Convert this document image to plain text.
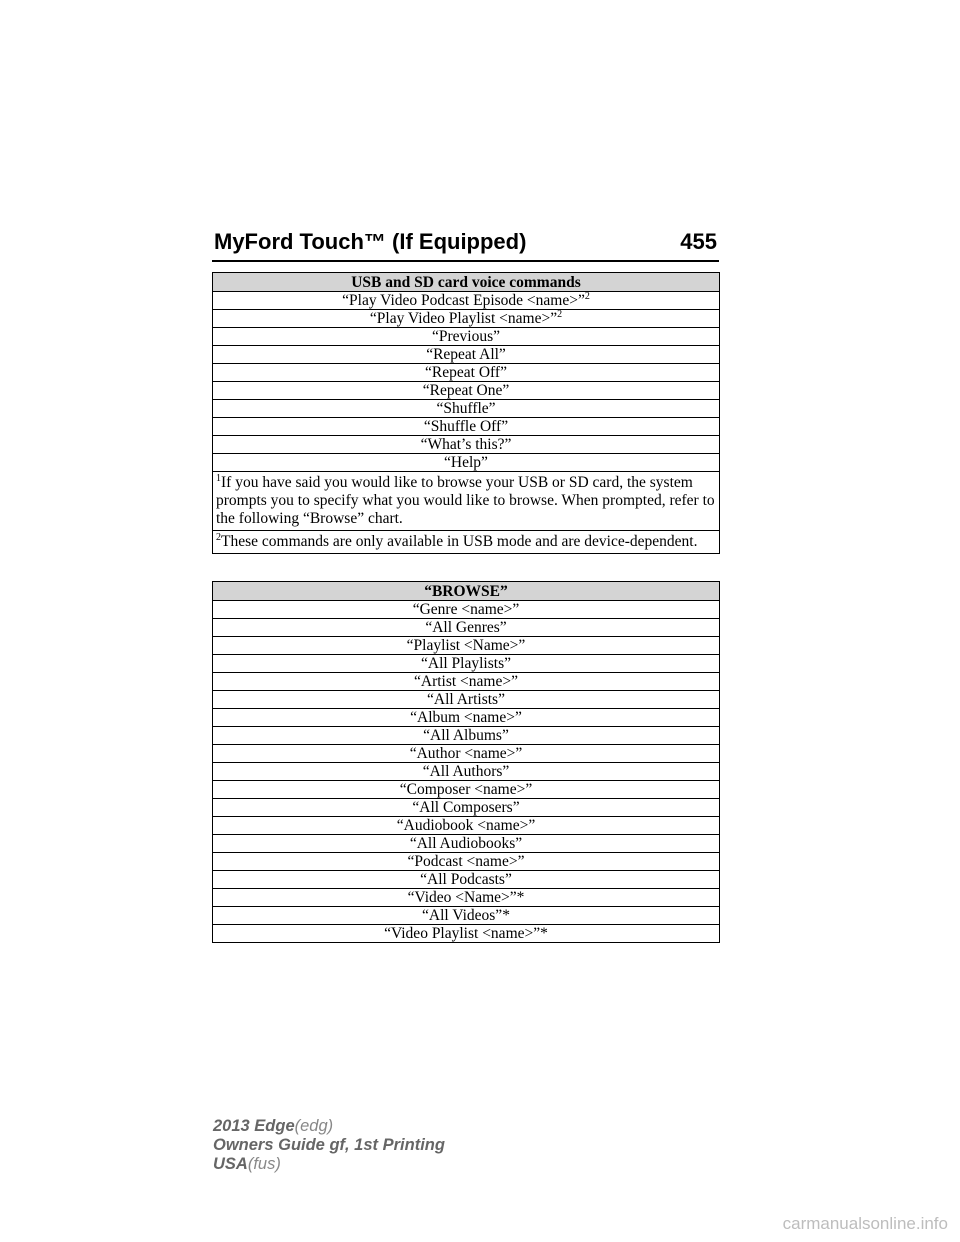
MyFord Touch™ (If Equipped)	455
USB and SD card voice commands
“Play Video Podcast Episode <name>”$^2$
“Play Video Playlist <name>”$^2$
“Previous”
“Repeat All”
“Repeat Off”
“Repeat One”
“Shuffle”
“Shuffle Off”
“What’s this?”
“Help”
$^1$If you have said you would like to browse your USB or SD card, the system prompts you to specify what you would like to browse. When prompted, refer to the following “Browse” chart.
$^2$These commands are only available in USB mode and are device-dependent.
“BROWSE”
“Genre <name>”
“All Genres”
“Playlist <Name>”
“All Playlists”
“Artist <name>”
“All Artists”
“Album <name>”
“All Albums”
“Author <name>”
“All Authors”
“Composer <name>”
“All Composers”
“Audiobook <name>”
“All Audiobooks”
“Podcast <name>”
“All Podcasts”
“Video <Name>”*
“All Videos”*
“Video Playlist <name>”*
2013 Edge(edg)
Owners Guide gf, 1st Printing
USA(fus)
carmanualsonline.info
